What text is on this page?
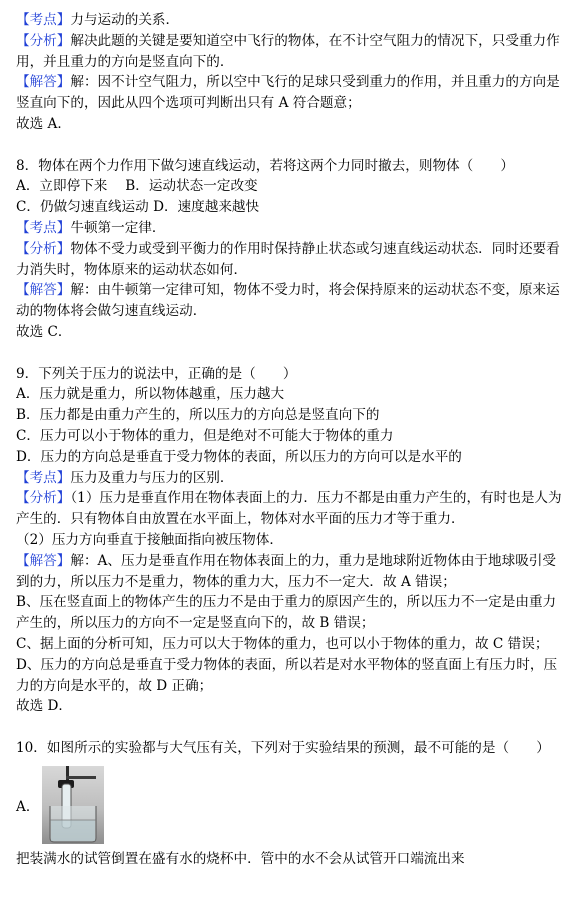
【考点】力与运动的关系．
【分析】解决此题的关键是要知道空中飞行的物体，在不计空气阻力的情况下，只受重力作
用，并且重力的方向是竖直向下的．
【解答】解：因不计空气阻力，所以空中飞行的足球只受到重力的作用，并且重力的方向是
竖直向下的，因此从四个选项可判断出只有 A 符合题意；
故选 A．
8．物体在两个力作用下做匀速直线运动，若将这两个力同时撤去，则物体（　　）
A．立即停下来　 B．运动状态一定改变
C．仍做匀速直线运动 D．速度越来越快
【考点】牛顿第一定律．
【分析】物体不受力或受到平衡力的作用时保持静止状态或匀速直线运动状态．同时还要看
力消失时，物体原来的运动状态如何．
【解答】解：由牛顿第一定律可知，物体不受力时，将会保持原来的运动状态不变，原来运
动的物体将会做匀速直线运动．
故选 C．
9．下列关于压力的说法中，正确的是（　　）
A．压力就是重力，所以物体越重，压力越大
B．压力都是由重力产生的，所以压力的方向总是竖直向下的
C．压力可以小于物体的重力，但是绝对不可能大于物体的重力
D．压力的方向总是垂直于受力物体的表面，所以压力的方向可以是水平的
【考点】压力及重力与压力的区别．
【分析】（1）压力是垂直作用在物体表面上的力．压力不都是由重力产生的，有时也是人为
产生的．只有物体自由放置在水平面上，物体对水平面的压力才等于重力．
（2）压力方向垂直于接触面指向被压物体．
【解答】解：A、压力是垂直作用在物体表面上的力，重力是地球附近物体由于地球吸引受
到的力，所以压力不是重力，物体的重力大，压力不一定大．故 A 错误；
B、压在竖直面上的物体产生的压力不是由于重力的原因产生的，所以压力不一定是由重力
产生的，所以压力的方向不一定是竖直向下的，故 B 错误；
C、据上面的分析可知，压力可以大于物体的重力，也可以小于物体的重力，故 C 错误；
D、压力的方向总是垂直于受力物体的表面，所以若是对水平物体的竖直面上有压力时，压
力的方向是水平的，故 D 正确；
故选 D．
10．如图所示的实验都与大气压有关，下列对于实验结果的预测，最不可能的是（　　）
A．
把装满水的试管倒置在盛有水的烧杯中．管中的水不会从试管开口端流出来
